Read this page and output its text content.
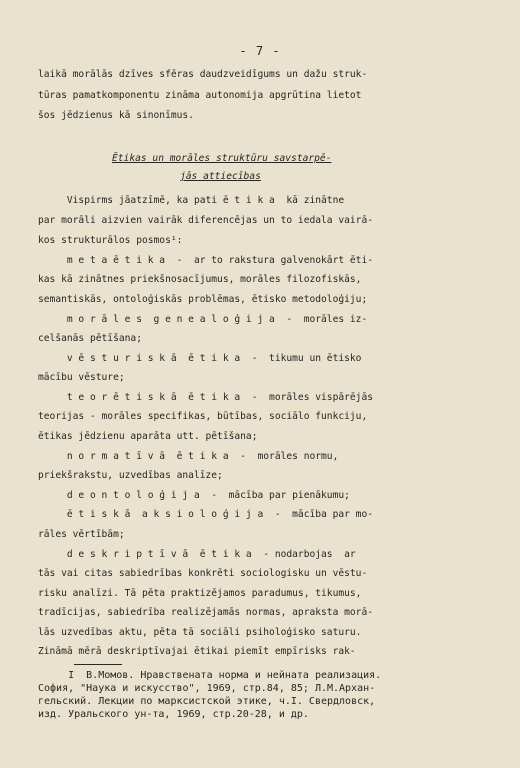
- 7 -
laikā morālās dzīves sfēras daudzveidīgums un dažu struk-
tūras pamatkomponentu zināma autonomija apgrūtina lietot
šos jēdzienus kā sinonīmus.
Ētikas un morāles struktūru savstarpē-
jās attiecības
Vispirms jāatzīmē, ka pati ē t i k a  kā zinātne
par morāli aizvien vairāk diferencējas un to iedala vairā-
kos strukturālos posmos¹:
m e t a ē t i k a  -  ar to rakstura galvenokārt ēti-
kas kā zinātnes priekšnosacījumus, morāles filozofiskās,
semantiskās, ontoloģiskās problēmas, ētisko metodoloģiju;
m o r ā l e s  g e n e a l o ģ i j a  -  morāles iz-
celšanās pētīšana;
v ē s t u r i s k ā  ē t i k a  -  tikumu un ētisko
mācību vēsture;
t e o r ē t i s k ā  ē t i k a  -  morāles vispārējās
teorijas - morāles specifikas, būtības, sociālo funkciju,
ētikas jēdzienu aparāta utt. pētīšana;
n o r m a t ī v ā  ē t i k a  -  morāles normu,
priekšrakstu, uzvedības analīze;
d e o n t o l o ģ i j a  -  mācība par pienākumu;
ē t i s k ā  a k s i o l o ģ i j a  -  mācība par mo-
rāles vērtībām;
d e s k r i p t ī v ā  ē t i k a  - nodarbojas  ar
tās vai citas sabiedrības konkrēti sociologisku un vēstu-
risku analīzi. Tā pēta praktizējamos paradumus, tikumus,
tradīcijas, sabiedrība realizējamās normas, apraksta morā-
lās uzvedības aktu, pēta tā sociāli psiholoģisko saturu.
Zināmā mērā deskriptīvajai ētikai piemīt empīrisks rak-
I  В.Момов. Нравствената норма и нейната реализация.
София, "Наука и искусство", 1969, стр.84, 85; Л.М.Архан-
гельский. Лекции по марксистской этике, ч.I. Свердловск,
изд. Уральского ун-та, 1969, стр.20-28, и др.
